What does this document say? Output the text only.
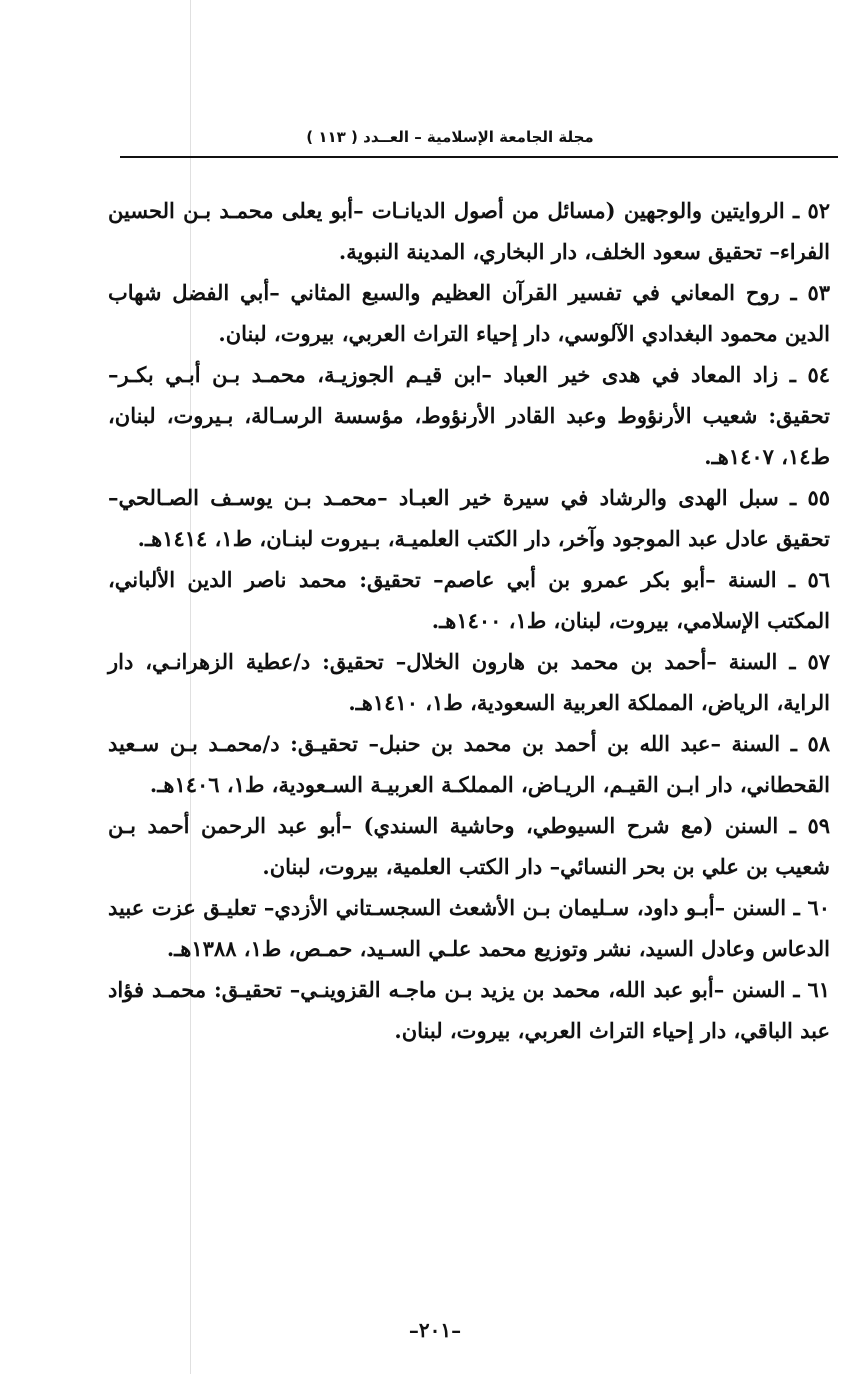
مجلة الجامعة الإسلامية – العــدد ( ١١٣ )

٥٢ ـ الروايتين والوجهين (مسائل من أصول الديانـات –أبو يعلى محمـد بـن الحسين الفراء– تحقيق سعود الخلف، دار البخاري، المدينة النبوية.

٥٣ ـ روح المعاني في تفسير القرآن العظيم والسبع المثاني –أبي الفضل شهاب الدين محمود البغدادي الآلوسي، دار إحياء التراث العربي، بيروت، لبنان.

٥٤ ـ زاد المعاد في هدى خير العباد –ابن قيـم الجوزيـة، محمـد بـن أبـي بكـر– تحقيق: شعيب الأرنؤوط وعبد القادر الأرنؤوط، مؤسسة الرسـالة، بـيروت، لبنان، ط١٤، ١٤٠٧هـ.

٥٥ ـ سبل الهدى والرشاد في سيرة خير العبـاد –محمـد بـن يوسـف الصـالحي– تحقيق عادل عبد الموجود وآخر، دار الكتب العلميـة، بـيروت لبنـان، ط١، ١٤١٤هـ.

٥٦ ـ السنة –أبو بكر عمرو بن أبي عاصم– تحقيق: محمد ناصر الدين الألباني، المكتب الإسلامي، بيروت، لبنان، ط١، ١٤٠٠هـ.

٥٧ ـ السنة –أحمد بن محمد بن هارون الخلال– تحقيق: د/عطية الزهرانـي، دار الراية، الرياض، المملكة العربية السعودية، ط١، ١٤١٠هـ.

٥٨ ـ السنة –عبد الله بن أحمد بن محمد بن حنبل– تحقيـق: د/محمـد بـن سـعيد القحطاني، دار ابـن القيـم، الريـاض، المملكـة العربيـة السـعودية، ط١، ١٤٠٦هـ.

٥٩ ـ السنن (مع شرح السيوطي، وحاشية السندي) –أبو عبد الرحمن أحمد بـن شعيب بن علي بن بحر النسائي– دار الكتب العلمية، بيروت، لبنان.

٦٠ ـ السنن –أبـو داود، سـليمان بـن الأشعث السجسـتاني الأزدي– تعليـق عزت عبيد الدعاس وعادل السيد، نشر وتوزيع محمد علـي السـيد، حمـص، ط١، ١٣٨٨هـ.

٦١ ـ السنن –أبو عبد الله، محمد بن يزيد بـن ماجـه القزوينـي– تحقيـق: محمـد فؤاد عبد الباقي، دار إحياء التراث العربي، بيروت، لبنان.

–٢٠١–
